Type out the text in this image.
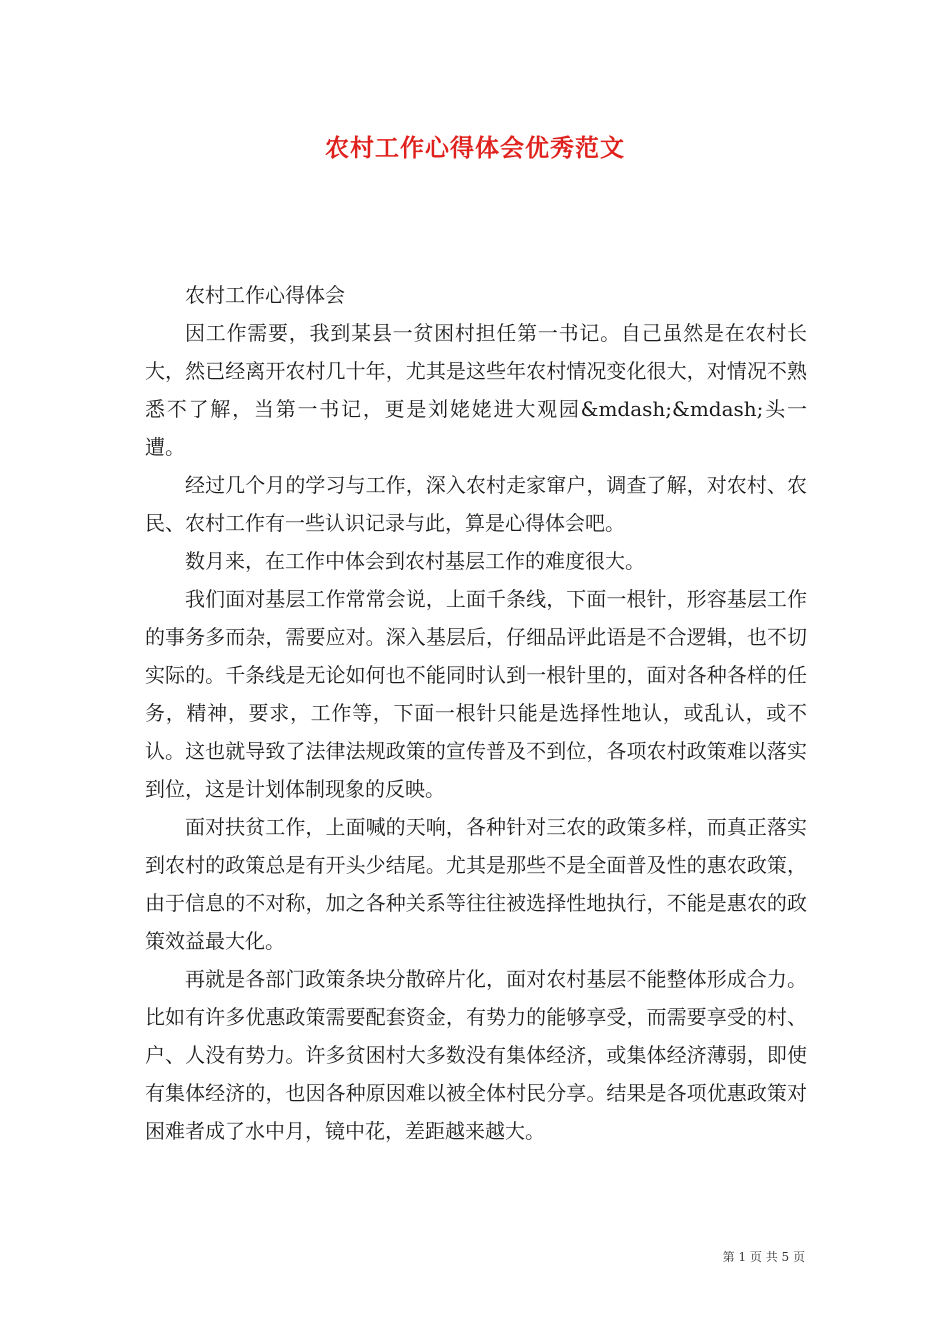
农村工作心得体会优秀范文

农村工作心得体会

因工作需要，我到某县一贫困村担任第一书记。自己虽然是在农村长大，然已经离开农村几十年，尤其是这些年农村情况变化很大，对情况不熟悉不了解，当第一书记，更是刘姥姥进大观园&mdash;&mdash;头一遭。

经过几个月的学习与工作，深入农村走家窜户，调查了解，对农村、农民、农村工作有一些认识记录与此，算是心得体会吧。

数月来，在工作中体会到农村基层工作的难度很大。

我们面对基层工作常常会说，上面千条线，下面一根针，形容基层工作的事务多而杂，需要应对。深入基层后，仔细品评此语是不合逻辑，也不切实际的。千条线是无论如何也不能同时认到一根针里的，面对各种各样的任务，精神，要求，工作等，下面一根针只能是选择性地认，或乱认，或不认。这也就导致了法律法规政策的宣传普及不到位，各项农村政策难以落实到位，这是计划体制现象的反映。

面对扶贫工作，上面喊的天响，各种针对三农的政策多样，而真正落实到农村的政策总是有开头少结尾。尤其是那些不是全面普及性的惠农政策，由于信息的不对称，加之各种关系等往往被选择性地执行，不能是惠农的政策效益最大化。

再就是各部门政策条块分散碎片化，面对农村基层不能整体形成合力。比如有许多优惠政策需要配套资金，有势力的能够享受，而需要享受的村、户、人没有势力。许多贫困村大多数没有集体经济，或集体经济薄弱，即使有集体经济的，也因各种原因难以被全体村民分享。结果是各项优惠政策对困难者成了水中月，镜中花，差距越来越大。

第 1 页 共 5 页
